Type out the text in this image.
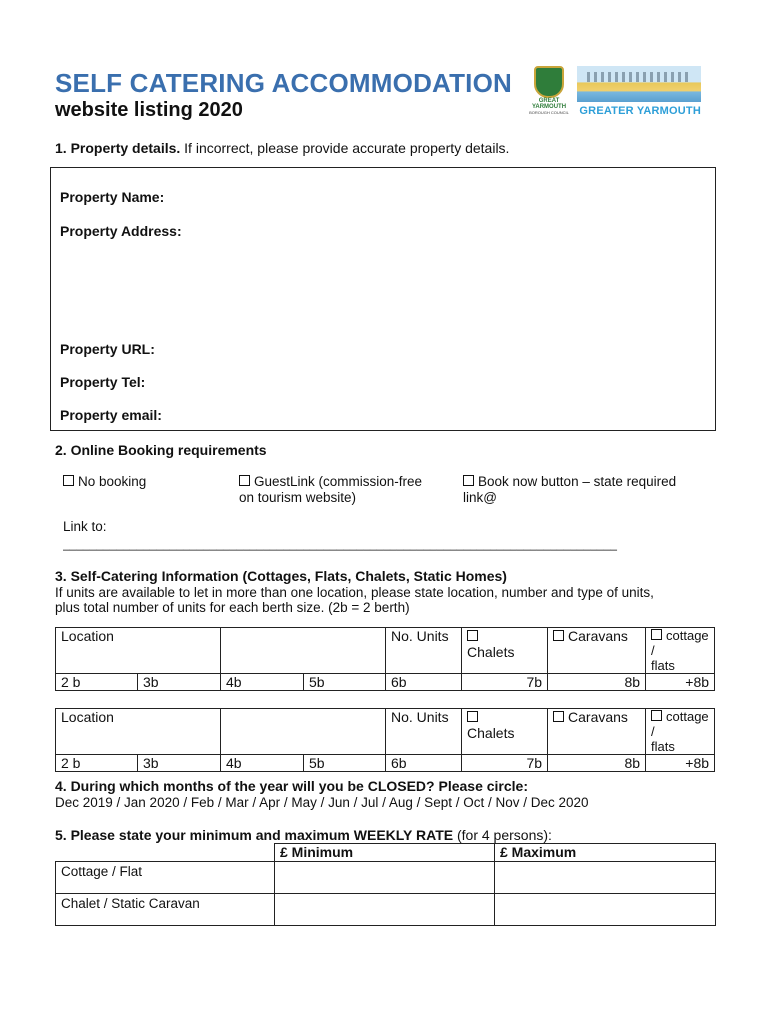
SELF CATERING ACCOMMODATION
website listing 2020	GREAT
YARMOUTH
BOROUGH COUNCIL GREATER YARMOUTH
1. Property details. If incorrect, please provide accurate property details.
Property Name:
Property Address:
Property URL:
Property Tel:
Property email:
2. Online Booking requirements
No booking	GuestLink (commission-free
on tourism website)
Book now button – state required
link@
Link to:
___________________________________________________________________________________
3. Self-Catering Information (Cottages, Flats, Chalets, Static Homes)
If units are available to let in more than one location, please state location, number and type of units,
plus total number of units for each berth size. (2b = 2 berth)
Location				No. Units	Chalets	Caravans	cottage /
flats
2 b	3b	4b	5b	6b	7b	8b	+8b
Location				No. Units	Chalets	Caravans	cottage /
flats
2 b	3b	4b	5b	6b	7b	8b	+8b
4. During which months of the year will you be CLOSED? Please circle:
Dec 2019 / Jan 2020 / Feb / Mar / Apr / May / Jun / Jul / Aug / Sept / Oct / Nov / Dec 2020
5. Please state your minimum and maximum WEEKLY RATE (for 4 persons):
	£ Minimum	£ Maximum
Cottage / Flat		
Chalet / Static Caravan		
